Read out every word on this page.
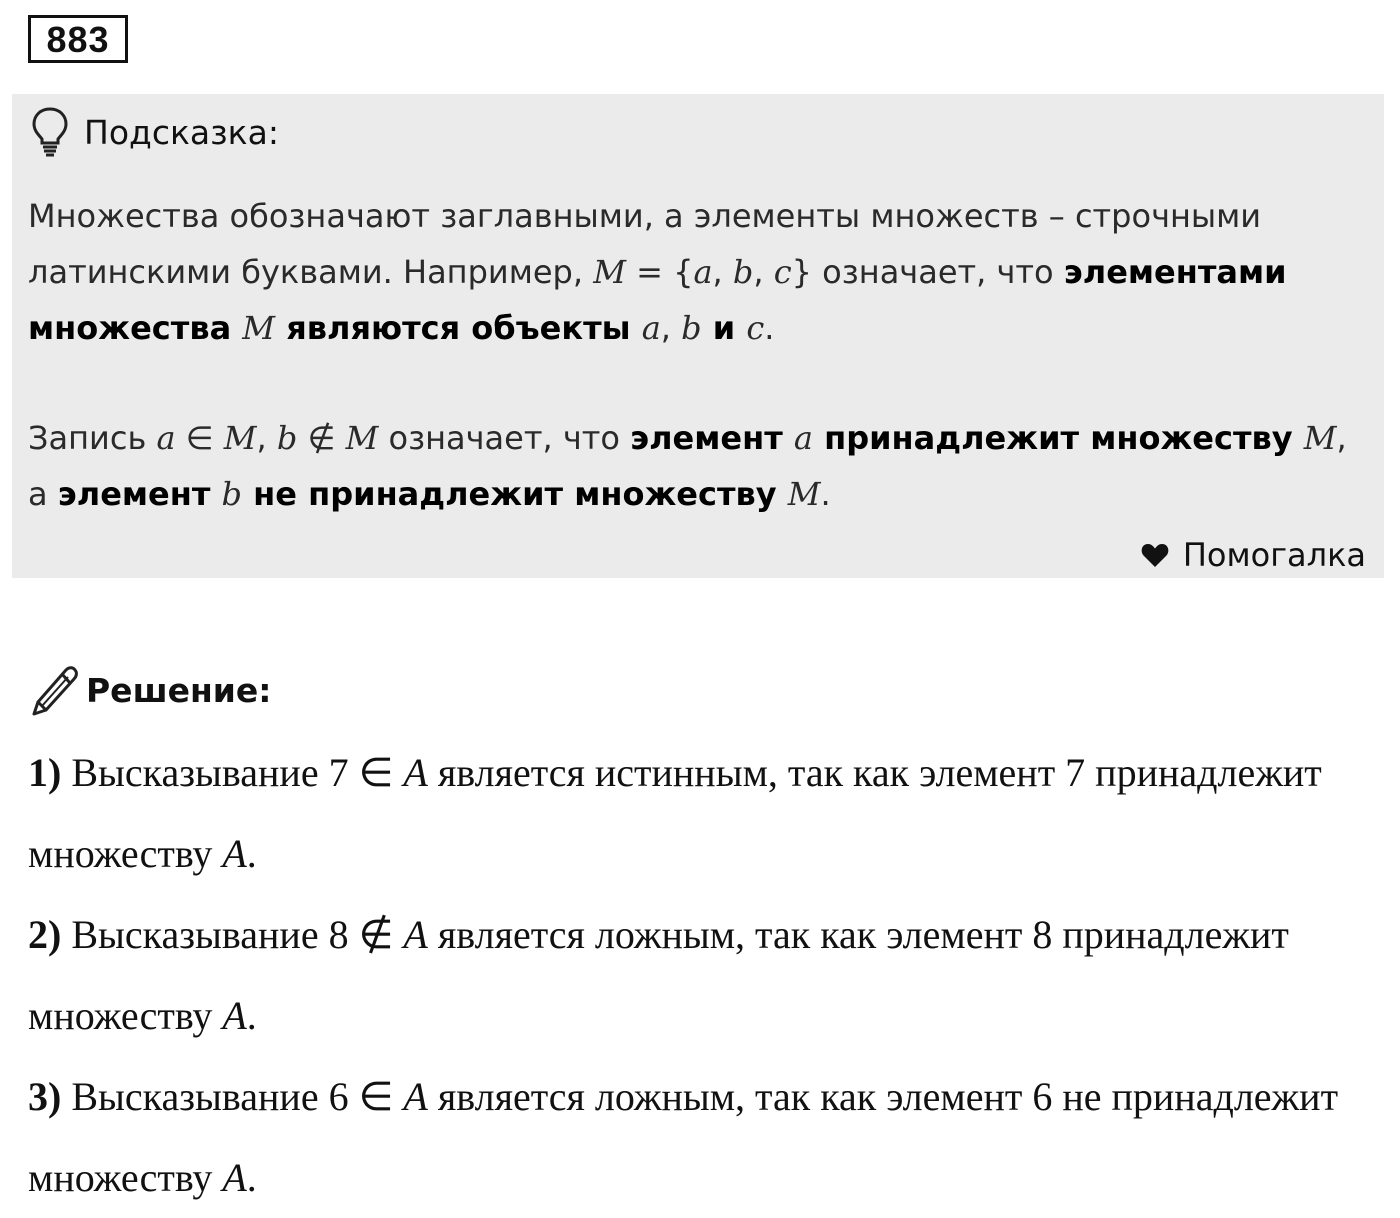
883
Подсказка:
Множества обозначают заглавными, а элементы множеств – строчными латинскими буквами. Например, M = {a, b, c} означает, что элементами множества M являются объекты a, b и c.
Запись a ∈ M, b ∉ M означает, что элемент a принадлежит множеству M, а элемент b не принадлежит множеству M.
Помогалка
Решение:

1) Высказывание 7 ∈ A является истинным, так как элемент 7 принадлежит множеству A.

2) Высказывание 8 ∉ A является ложным, так как элемент 8 принадлежит множеству A.

3) Высказывание 6 ∈ A является ложным, так как элемент 6 не принадлежит множеству A.
